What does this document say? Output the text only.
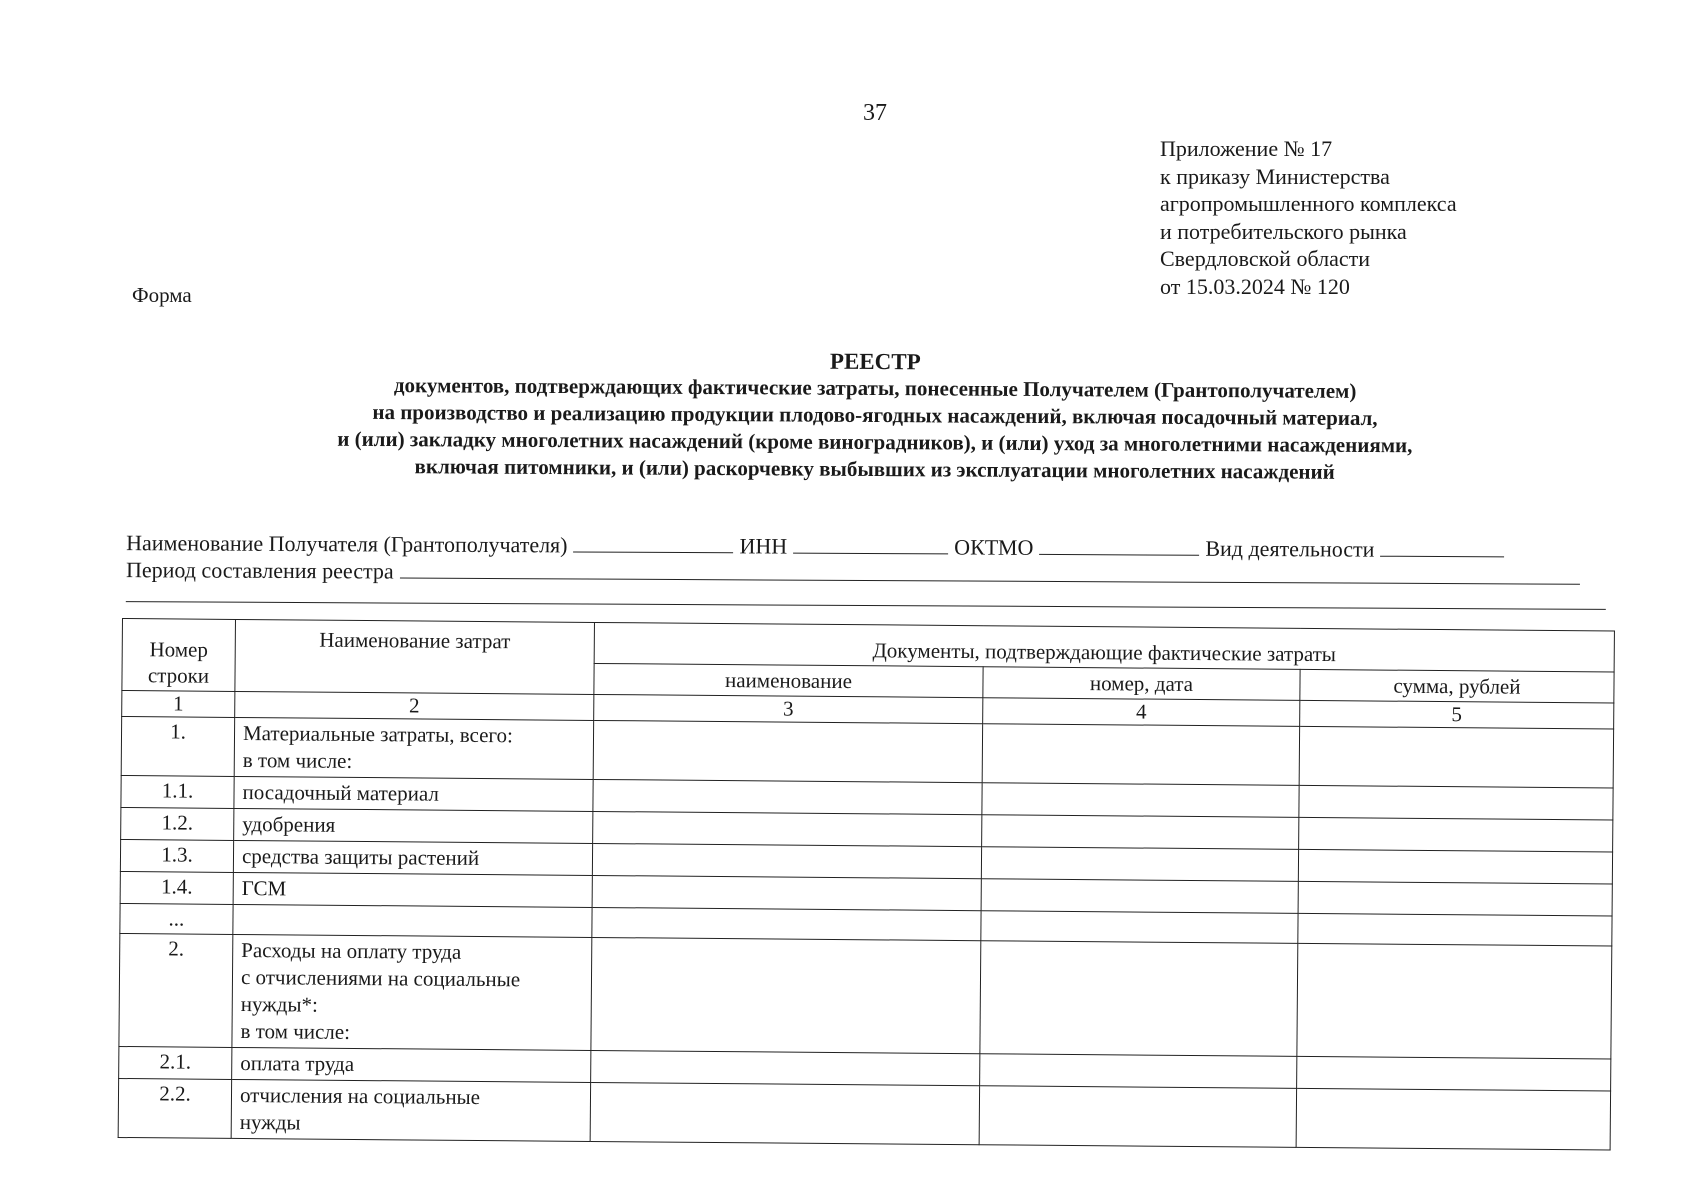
37
Приложение № 17
к приказу Министерства
агропромышленного комплекса
и потребительского рынка
Свердловской области
от 15.03.2024 № 120
Форма
РЕЕСТР
документов, подтверждающих фактические затраты, понесенные Получателем (Грантополучателем)
на производство и реализацию продукции плодово-ягодных насаждений, включая посадочный материал,
и (или) закладку многолетних насаждений (кроме виноградников), и (или) уход за многолетними насаждениями,
включая питомники, и (или) раскорчевку выбывших из эксплуатации многолетних насаждений
Наименование Получателя (Грантополучателя)	ИНН	ОКТМО	Вид деятельности
Период составления реестра
Номер строки	Наименование затрат	Документы, подтверждающие фактические затраты		
		наименование	номер, дата	сумма, рублей
1	2	3	4	5
1.	Материальные затраты, всего:
в том числе:			
1.1.	посадочный материал			
1.2.	удобрения			
1.3.	средства защиты растений			
1.4.	ГСМ			
...				
2.	Расходы на оплату труда
с отчислениями на социальные
нужды*:
в том числе:			
2.1.	оплата труда			
2.2.	отчисления на социальные
нужды			
